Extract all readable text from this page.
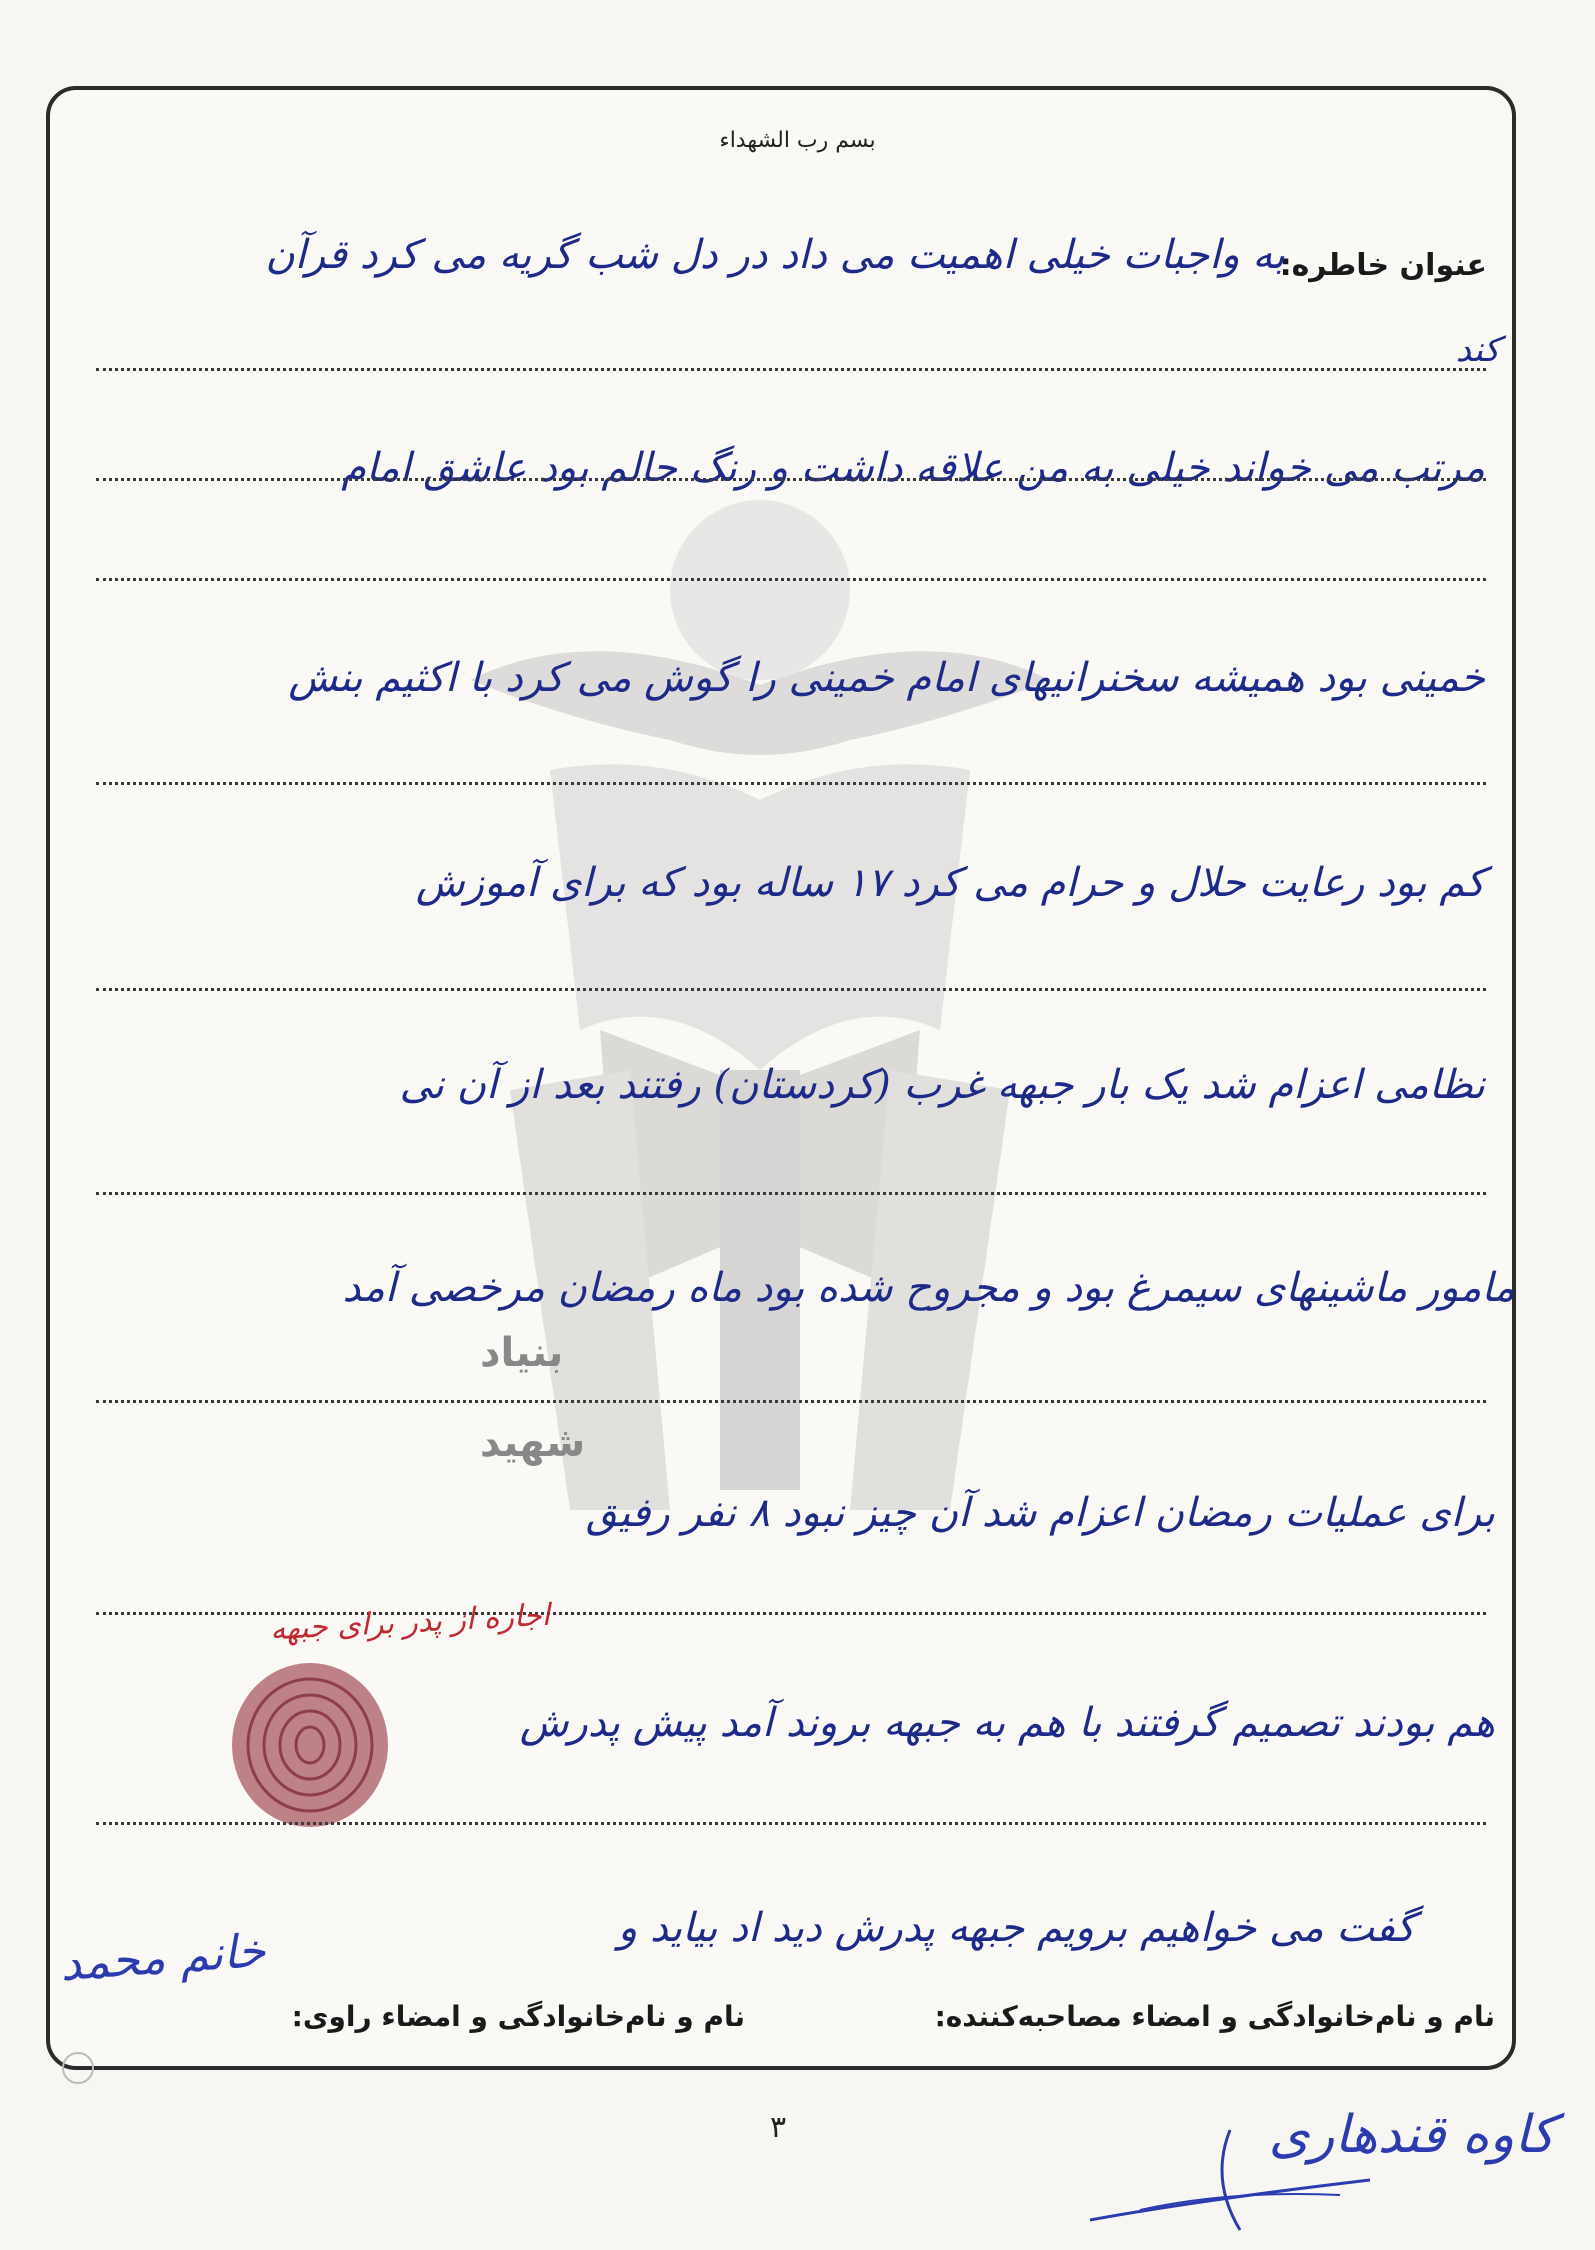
بنیاد
شهید
بسم رب الشهداء
عنوان خاطره:
به واجبات خیلی اهمیت می داد در دل شب گریه می کرد قرآن
کند
مرتب می خواند خیلی به من علاقه داشت و رنگ حالم بود عاشق امام
خمینی بود همیشه سخنرانیهای امام خمینی را گوش می کرد با اکثیم بنش
کم بود رعایت حلال و حرام می کرد ۱۷ ساله بود که برای آموزش
نظامی اعزام شد یک بار جبهه غرب (کردستان) رفتند بعد از آن نی
مامور ماشینهای سیمرغ بود و مجروح شده بود ماه رمضان مرخصی آمد
برای عملیات رمضان اعزام شد آن چیز نبود ۸ نفر رفیق
اجازه از پدر برای جبهه
هم بودند تصمیم گرفتند با هم به جبهه بروند آمد پیش پدرش
گفت می خواهیم برویم جبهه پدرش دید اد بیاید و
خانم محمد
نام و نام‌خانوادگی و امضاء مصاحبه‌کننده:
نام و نام‌خانوادگی و امضاء راوی:
۳	کاوه قندهاری
